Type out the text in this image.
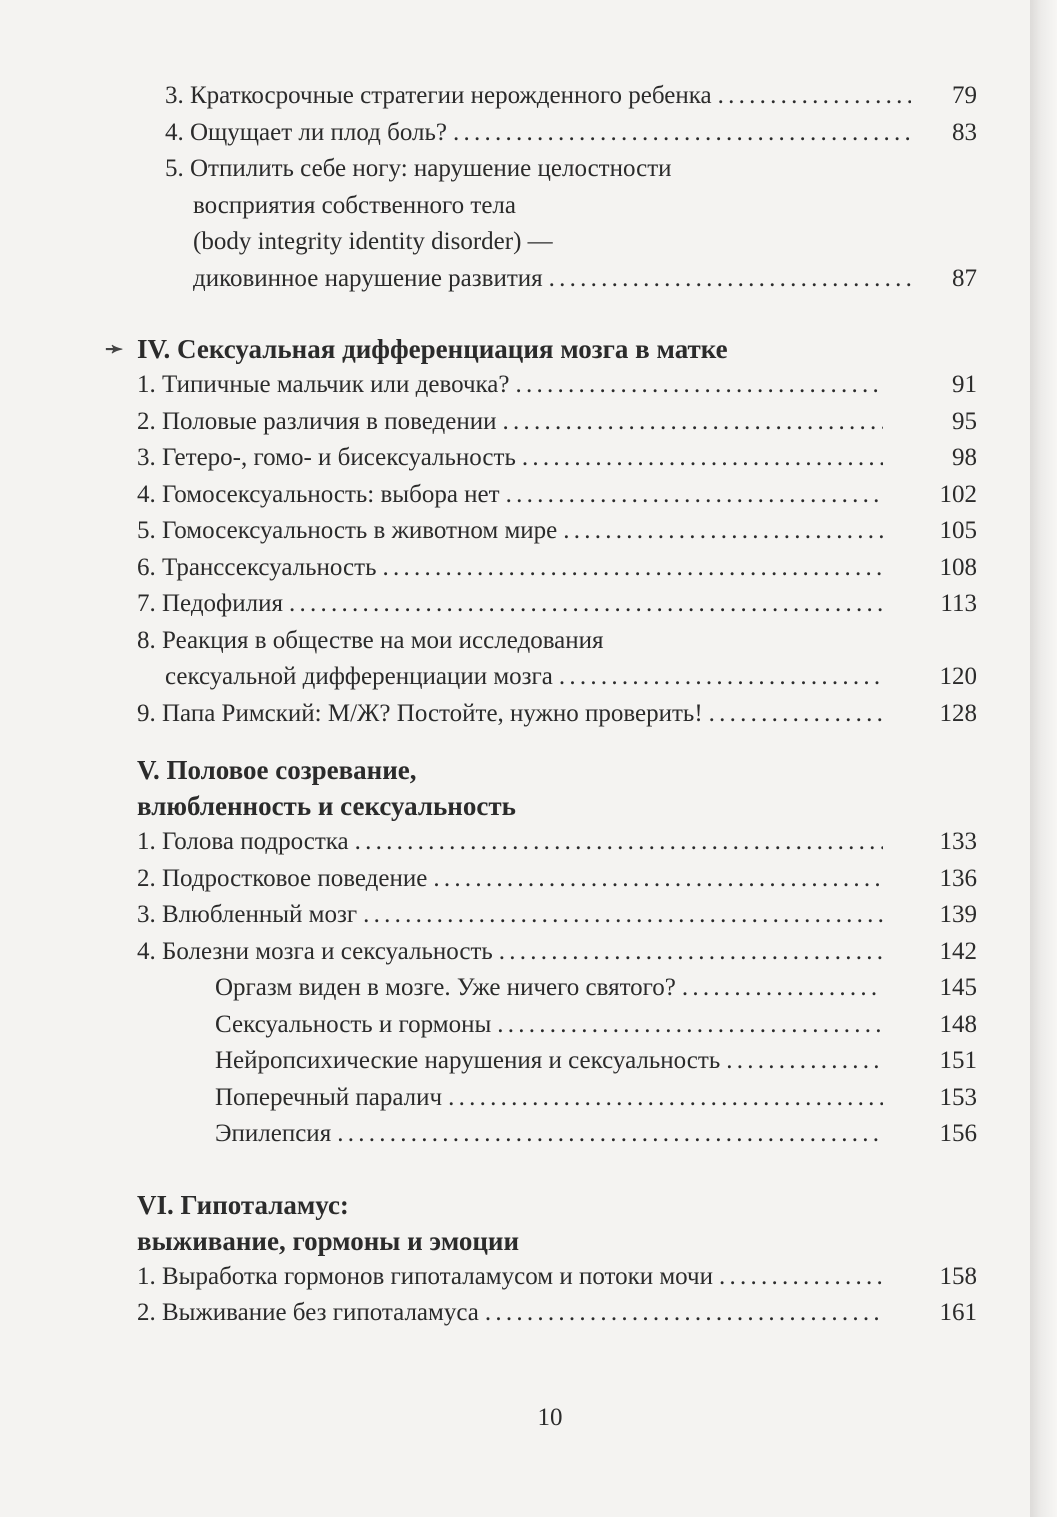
3. Краткосрочные стратегии нерожденного ребенка . . .	79
4. Ощущает ли плод боль? . . .	83
5. Отпилить себе ногу: нарушение целостности
восприятия собственного тела
(body integrity identity disorder) —
диковинное нарушение развития . . .	87
➛ IV. Сексуальная дифференциация мозга в матке
1. Типичные мальчик или девочка? . . .	91
2. Половые различия в поведении . . .	95
3. Гетеро-, гомо- и бисексуальность . . .	98
4. Гомосексуальность: выбора нет . . .	102
5. Гомосексуальность в животном мире . . .	105
6. Транссексуальность . . .	108
7. Педофилия . . .	113
8. Реакция в обществе на мои исследования
сексуальной дифференциации мозга . . .	120
9. Папа Римский: М/Ж? Постойте, нужно проверить! . . .	128
V. Половое созревание,
влюбленность и сексуальность
1. Голова подростка . . .	133
2. Подростковое поведение . . .	136
3. Влюбленный мозг . . .	139
4. Болезни мозга и сексуальность . . .	142
Оргазм виден в мозге. Уже ничего святого? . . .	145
Сексуальность и гормоны . . .	148
Нейропсихические нарушения и сексуальность . . .	151
Поперечный паралич . . .	153
Эпилепсия . . .	156
VI. Гипоталамус:
выживание, гормоны и эмоции
1. Выработка гормонов гипоталамусом и потоки мочи . . .	158
2. Выживание без гипоталамуса . . .	161
10
